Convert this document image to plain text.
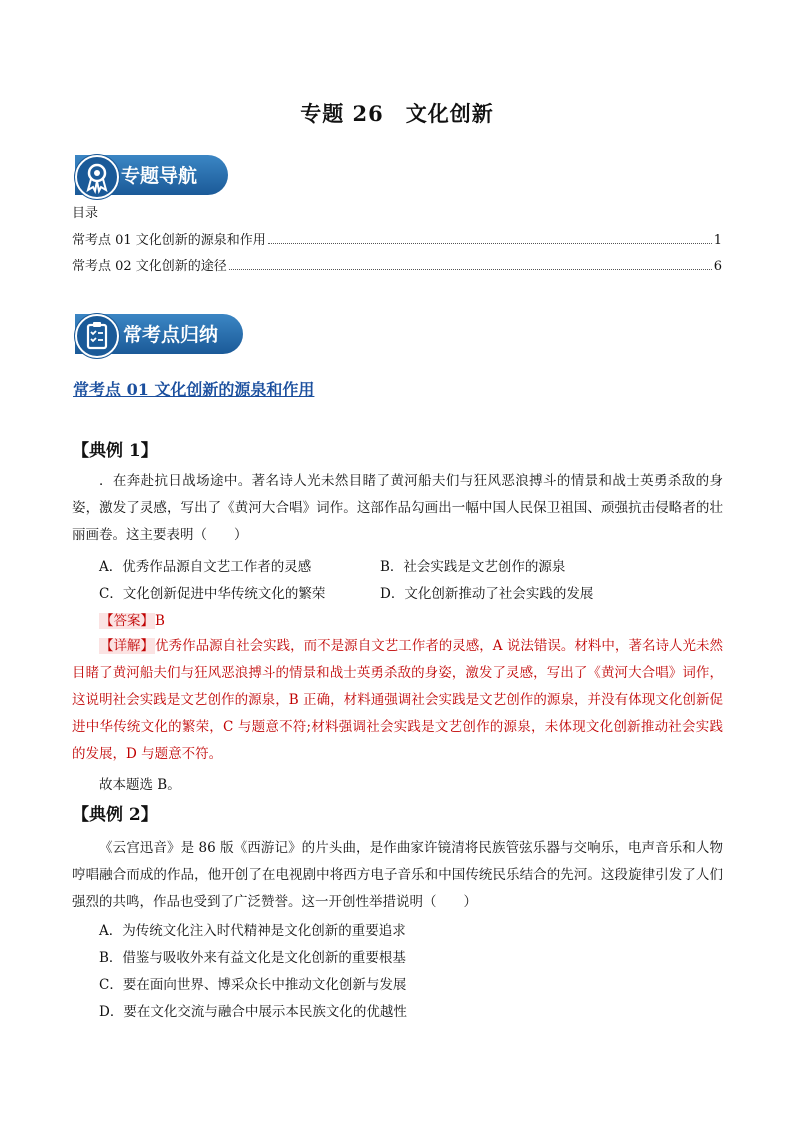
专题 26　文化创新
专题导航
目录
常考点 01 文化创新的源泉和作用	1
常考点 02 文化创新的途径	6
常考点归纳
常考点 01 文化创新的源泉和作用
【典例 1】
．在奔赴抗日战场途中。著名诗人光未然目睹了黄河船夫们与狂风恶浪搏斗的情景和战士英勇杀敌的身姿，激发了灵感，写出了《黄河大合唱》词作。这部作品勾画出一幅中国人民保卫祖国、顽强抗击侵略者的壮丽画卷。这主要表明（　　）
A．优秀作品源自文艺工作者的灵感	B．社会实践是文艺创作的源泉
C．文化创新促进中华传统文化的繁荣	D．文化创新推动了社会实践的发展
【答案】B
【详解】优秀作品源自社会实践，而不是源自文艺工作者的灵感，A 说法错误。材料中，著名诗人光未然目睹了黄河船夫们与狂风恶浪搏斗的情景和战士英勇杀敌的身姿，激发了灵感，写出了《黄河大合唱》词作，这说明社会实践是文艺创作的源泉，B 正确，材料通强调社会实践是文艺创作的源泉，并没有体现文化创新促进中华传统文化的繁荣，C 与题意不符;材料强调社会实践是文艺创作的源泉，未体现文化创新推动社会实践的发展，D 与题意不符。
故本题选 B。
【典例 2】
《云宫迅音》是 86 版《西游记》的片头曲，是作曲家许镜清将民族管弦乐器与交响乐，电声音乐和人物哼唱融合而成的作品，他开创了在电视剧中将西方电子音乐和中国传统民乐结合的先河。这段旋律引发了人们强烈的共鸣，作品也受到了广泛赞誉。这一开创性举措说明（　　）
A．为传统文化注入时代精神是文化创新的重要追求
B．借鉴与吸收外来有益文化是文化创新的重要根基
C．要在面向世界、博采众长中推动文化创新与发展
D．要在文化交流与融合中展示本民族文化的优越性
